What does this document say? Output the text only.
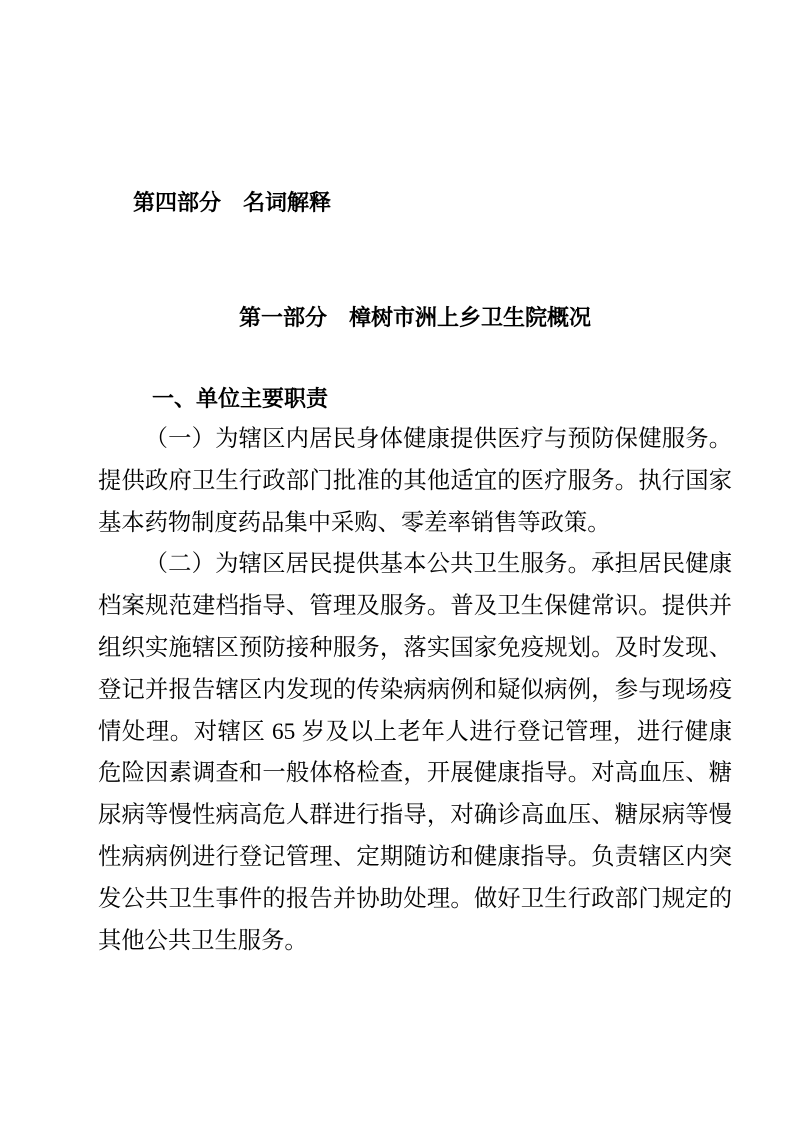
第四部分　名词解释
第一部分　樟树市洲上乡卫生院概况
一、单位主要职责

（一）为辖区内居民身体健康提供医疗与预防保健服务。提供政府卫生行政部门批准的其他适宜的医疗服务。执行国家基本药物制度药品集中采购、零差率销售等政策。

（二）为辖区居民提供基本公共卫生服务。承担居民健康档案规范建档指导、管理及服务。普及卫生保健常识。提供并组织实施辖区预防接种服务，落实国家免疫规划。及时发现、登记并报告辖区内发现的传染病病例和疑似病例，参与现场疫情处理。对辖区 65 岁及以上老年人进行登记管理，进行健康危险因素调查和一般体格检查，开展健康指导。对高血压、糖尿病等慢性病高危人群进行指导，对确诊高血压、糖尿病等慢性病病例进行登记管理、定期随访和健康指导。负责辖区内突发公共卫生事件的报告并协助处理。做好卫生行政部门规定的其他公共卫生服务。
